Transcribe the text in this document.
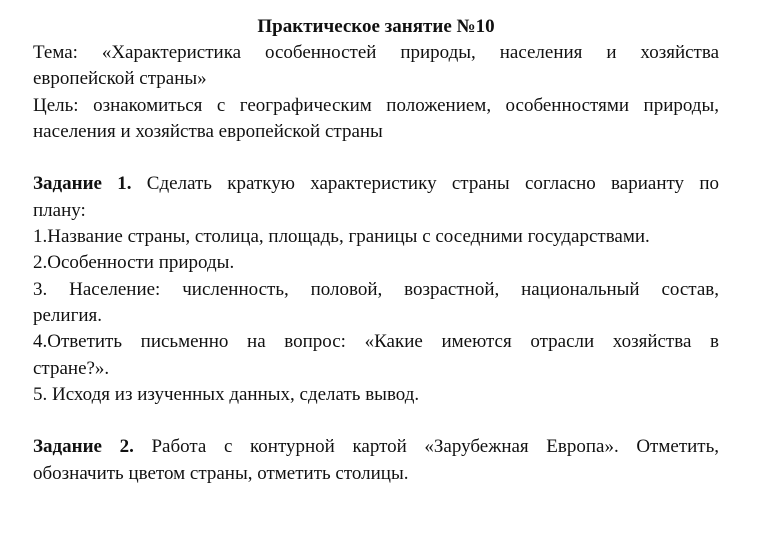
Практическое занятие №10

Тема: «Характеристика особенностей природы, населения и хозяйства

европейской страны»

Цель: ознакомиться с географическим положением, особенностями природы,

населения и хозяйства европейской страны

Задание 1. Сделать краткую характеристику страны согласно варианту по

плану:

1.Название страны, столица, площадь, границы с соседними государствами.

2.Особенности природы.

3. Население: численность, половой, возрастной, национальный состав,

религия.

4.Ответить письменно на вопрос: «Какие имеются отрасли хозяйства в

стране?».

5. Исходя из изученных данных, сделать вывод.

Задание 2. Работа с контурной картой «Зарубежная Европа». Отметить,

обозначить цветом страны, отметить столицы.
